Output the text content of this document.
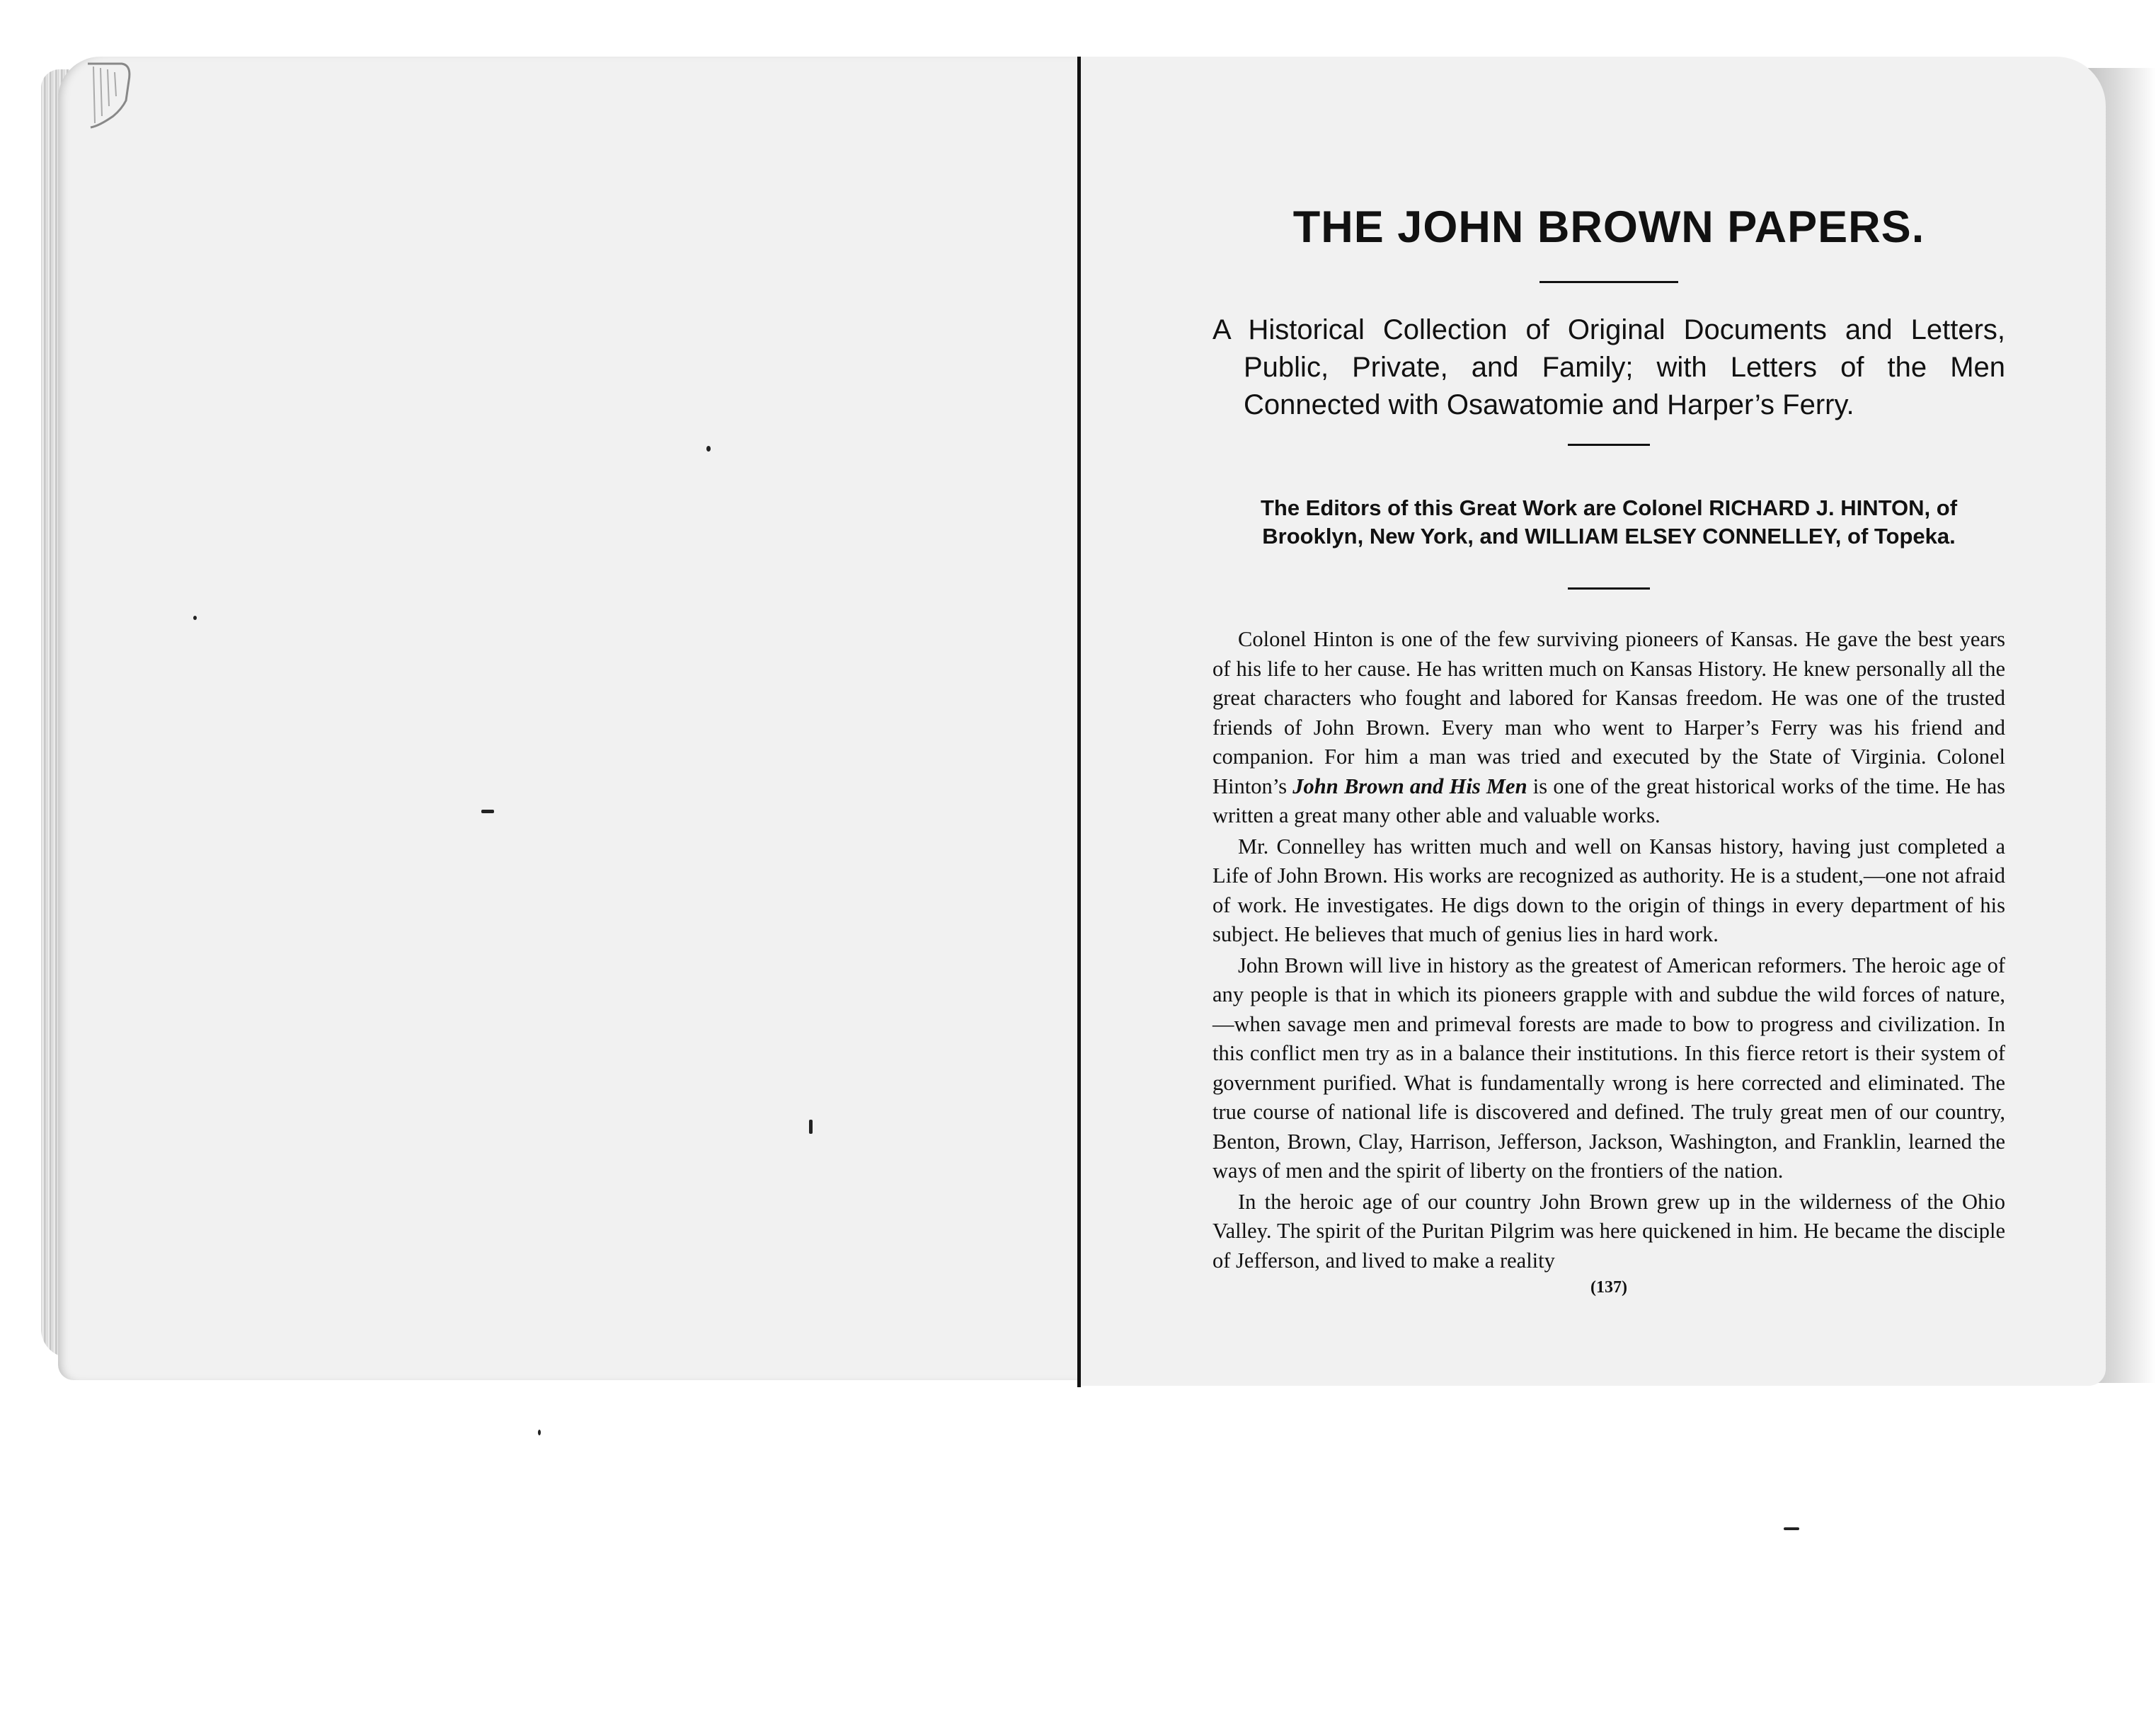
THE JOHN BROWN PAPERS.

A Historical Collection of Original Documents and Letters, Public, Private, and Family; with Letters of the Men Connected with Osawatomie and Harper’s Ferry.

The Editors of this Great Work are Colonel RICHARD J. HINTON, of Brooklyn, New York, and WILLIAM ELSEY CONNELLEY, of Topeka.

Colonel Hinton is one of the few surviving pioneers of Kansas. He gave the best years of his life to her cause. He has written much on Kansas History. He knew personally all the great characters who fought and labored for Kansas freedom. He was one of the trusted friends of John Brown. Every man who went to Harper’s Ferry was his friend and companion. For him a man was tried and executed by the State of Virginia. Colonel Hinton’s John Brown and His Men is one of the great historical works of the time. He has written a great many other able and valuable works.

Mr. Connelley has written much and well on Kansas history, having just completed a Life of John Brown. His works are recognized as authority. He is a student,—one not afraid of work. He investigates. He digs down to the origin of things in every department of his subject. He believes that much of genius lies in hard work.

John Brown will live in history as the greatest of American reformers. The heroic age of any people is that in which its pioneers grapple with and subdue the wild forces of nature,—when savage men and primeval forests are made to bow to progress and civilization. In this conflict men try as in a balance their institutions. In this fierce retort is their system of government purified. What is fundamentally wrong is here corrected and eliminated. The true course of national life is discovered and defined. The truly great men of our country, Benton, Brown, Clay, Harrison, Jefferson, Jackson, Washington, and Franklin, learned the ways of men and the spirit of liberty on the frontiers of the nation.

In the heroic age of our country John Brown grew up in the wilderness of the Ohio Valley. The spirit of the Puritan Pilgrim was here quickened in him. He became the disciple of Jefferson, and lived to make a reality

(137)
